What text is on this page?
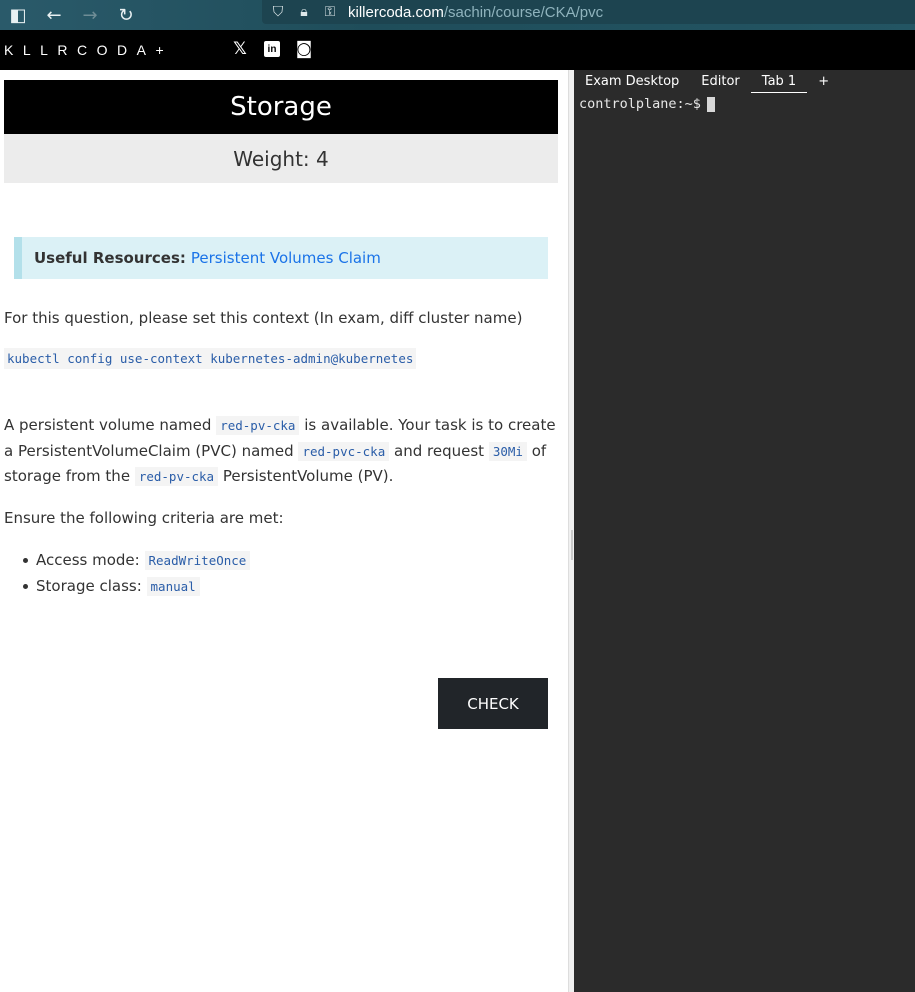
◧	←	→	↻	⛉	🔒︎	⚿ killercoda.com/sachin/course/CKA/pvc
KLLRCODA+	𝕏	in ◙
Storage
Weight: 4
Useful Resources: Persistent Volumes Claim
For this question, please set this context (In exam, diff cluster name)
kubectl config use-context kubernetes-admin@kubernetes
A persistent volume named red-pv-cka is available. Your task is to create a PersistentVolumeClaim (PVC) named red-pvc-cka and request 30Mi of storage from the red-pv-cka PersistentVolume (PV).
Ensure the following criteria are met:
Access mode: ReadWriteOnce
Storage class: manual
CHECK
Exam Desktop	Editor	Tab 1	+
controlplane:~$
